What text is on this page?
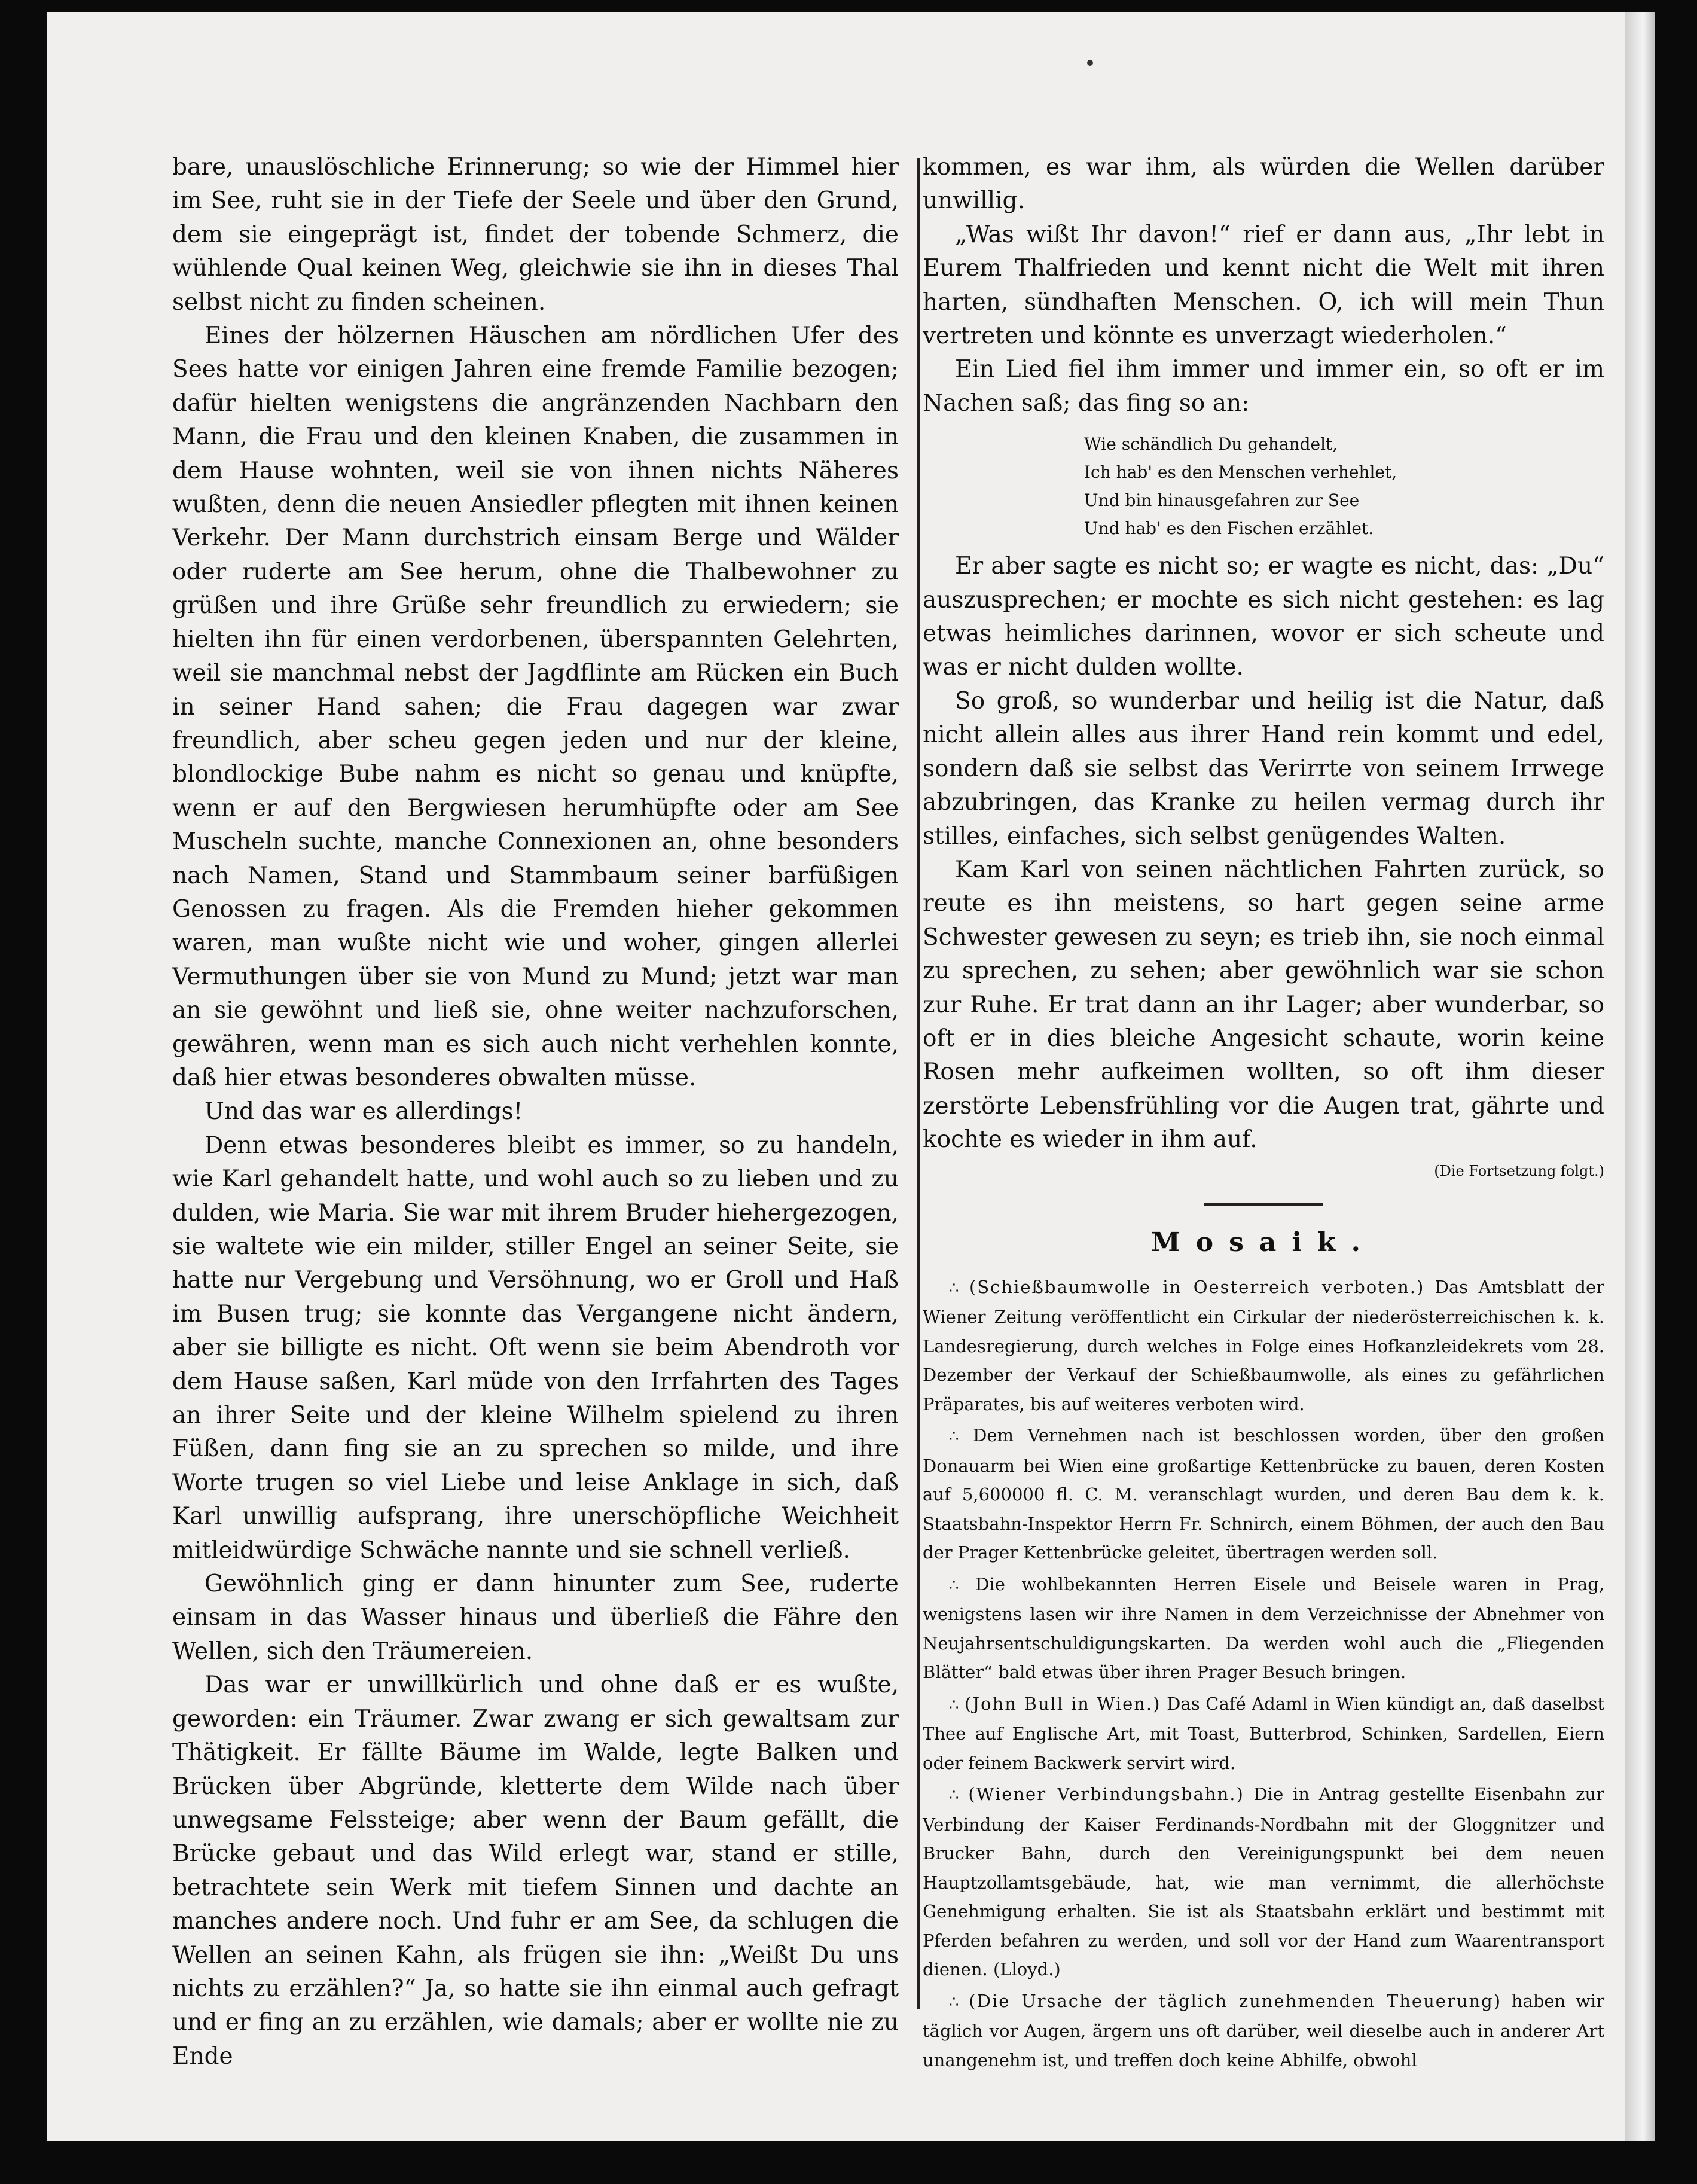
bare, unauslöschliche Erinnerung; so wie der Himmel hier im See, ruht sie in der Tiefe der Seele und über den Grund, dem sie eingeprägt ist, findet der tobende Schmerz, die wühlende Qual keinen Weg, gleichwie sie ihn in dieses Thal selbst nicht zu finden scheinen.

Eines der hölzernen Häuschen am nördlichen Ufer des Sees hatte vor einigen Jahren eine fremde Familie bezogen; dafür hielten wenigstens die angränzenden Nachbarn den Mann, die Frau und den kleinen Knaben, die zusammen in dem Hause wohnten, weil sie von ihnen nichts Näheres wußten, denn die neuen Ansiedler pflegten mit ihnen keinen Verkehr. Der Mann durchstrich einsam Berge und Wälder oder ruderte am See herum, ohne die Thalbewohner zu grüßen und ihre Grüße sehr freundlich zu erwiedern; sie hielten ihn für einen verdorbenen, überspannten Gelehrten, weil sie manchmal nebst der Jagdflinte am Rücken ein Buch in seiner Hand sahen; die Frau dagegen war zwar freundlich, aber scheu gegen jeden und nur der kleine, blondlockige Bube nahm es nicht so genau und knüpfte, wenn er auf den Bergwiesen herumhüpfte oder am See Muscheln suchte, manche Connexionen an, ohne besonders nach Namen, Stand und Stammbaum seiner barfüßigen Genossen zu fragen. Als die Fremden hieher gekommen waren, man wußte nicht wie und woher, gingen allerlei Vermuthungen über sie von Mund zu Mund; jetzt war man an sie gewöhnt und ließ sie, ohne weiter nachzuforschen, gewähren, wenn man es sich auch nicht verhehlen konnte, daß hier etwas besonderes obwalten müsse.

Und das war es allerdings!

Denn etwas besonderes bleibt es immer, so zu handeln, wie Karl gehandelt hatte, und wohl auch so zu lieben und zu dulden, wie Maria. Sie war mit ihrem Bruder hiehergezogen, sie waltete wie ein milder, stiller Engel an seiner Seite, sie hatte nur Vergebung und Versöhnung, wo er Groll und Haß im Busen trug; sie konnte das Vergangene nicht ändern, aber sie billigte es nicht. Oft wenn sie beim Abendroth vor dem Hause saßen, Karl müde von den Irrfahrten des Tages an ihrer Seite und der kleine Wilhelm spielend zu ihren Füßen, dann fing sie an zu sprechen so milde, und ihre Worte trugen so viel Liebe und leise Anklage in sich, daß Karl unwillig aufsprang, ihre unerschöpfliche Weichheit mitleidwürdige Schwäche nannte und sie schnell verließ.

Gewöhnlich ging er dann hinunter zum See, ruderte einsam in das Wasser hinaus und überließ die Fähre den Wellen, sich den Träumereien.

Das war er unwillkürlich und ohne daß er es wußte, geworden: ein Träumer. Zwar zwang er sich gewaltsam zur Thätigkeit. Er fällte Bäume im Walde, legte Balken und Brücken über Abgründe, kletterte dem Wilde nach über unwegsame Felssteige; aber wenn der Baum gefällt, die Brücke gebaut und das Wild erlegt war, stand er stille, betrachtete sein Werk mit tiefem Sinnen und dachte an manches andere noch. Und fuhr er am See, da schlugen die Wellen an seinen Kahn, als frügen sie ihn: „Weißt Du uns nichts zu erzählen?“ Ja, so hatte sie ihn einmal auch gefragt und er fing an zu erzählen, wie damals; aber er wollte nie zu Ende

kommen, es war ihm, als würden die Wellen darüber unwillig.

„Was wißt Ihr davon!“ rief er dann aus, „Ihr lebt in Eurem Thalfrieden und kennt nicht die Welt mit ihren harten, sündhaften Menschen. O, ich will mein Thun vertreten und könnte es unverzagt wiederholen.“

Ein Lied fiel ihm immer und immer ein, so oft er im Nachen saß; das fing so an:

Wie schändlich Du gehandelt,
Ich hab' es den Menschen verhehlet,
Und bin hinausgefahren zur See
Und hab' es den Fischen erzählet.

Er aber sagte es nicht so; er wagte es nicht, das: „Du“ auszusprechen; er mochte es sich nicht gestehen: es lag etwas heimliches darinnen, wovor er sich scheute und was er nicht dulden wollte.

So groß, so wunderbar und heilig ist die Natur, daß nicht allein alles aus ihrer Hand rein kommt und edel, sondern daß sie selbst das Verirrte von seinem Irrwege abzubringen, das Kranke zu heilen vermag durch ihr stilles, einfaches, sich selbst genügendes Walten.

Kam Karl von seinen nächtlichen Fahrten zurück, so reute es ihn meistens, so hart gegen seine arme Schwester gewesen zu seyn; es trieb ihn, sie noch einmal zu sprechen, zu sehen; aber gewöhnlich war sie schon zur Ruhe. Er trat dann an ihr Lager; aber wunderbar, so oft er in dies bleiche Angesicht schaute, worin keine Rosen mehr aufkeimen wollten, so oft ihm dieser zerstörte Lebensfrühling vor die Augen trat, gährte und kochte es wieder in ihm auf.

(Die Fortsetzung folgt.)

Mosaik.

∴ (Schießbaumwolle in Oesterreich verboten.) Das Amtsblatt der Wiener Zeitung veröffentlicht ein Cirkular der niederösterreichischen k. k. Landesregierung, durch welches in Folge eines Hofkanzleidekrets vom 28. Dezember der Verkauf der Schießbaumwolle, als eines zu gefährlichen Präparates, bis auf weiteres verboten wird.

∴ Dem Vernehmen nach ist beschlossen worden, über den großen Donauarm bei Wien eine großartige Kettenbrücke zu bauen, deren Kosten auf 5,600000 fl. C. M. veranschlagt wurden, und deren Bau dem k. k. Staatsbahn-Inspektor Herrn Fr. Schnirch, einem Böhmen, der auch den Bau der Prager Kettenbrücke geleitet, übertragen werden soll.

∴ Die wohlbekannten Herren Eisele und Beisele waren in Prag, wenigstens lasen wir ihre Namen in dem Verzeichnisse der Abnehmer von Neujahrsentschuldigungskarten. Da werden wohl auch die „Fliegenden Blätter“ bald etwas über ihren Prager Besuch bringen.

∴ (John Bull in Wien.) Das Café Adaml in Wien kündigt an, daß daselbst Thee auf Englische Art, mit Toast, Butterbrod, Schinken, Sardellen, Eiern oder feinem Backwerk servirt wird.

∴ (Wiener Verbindungsbahn.) Die in Antrag gestellte Eisenbahn zur Verbindung der Kaiser Ferdinands-Nordbahn mit der Gloggnitzer und Brucker Bahn, durch den Vereinigungspunkt bei dem neuen Hauptzollamtsgebäude, hat, wie man vernimmt, die allerhöchste Genehmigung erhalten. Sie ist als Staatsbahn erklärt und bestimmt mit Pferden befahren zu werden, und soll vor der Hand zum Waarentransport dienen. (Lloyd.)

∴ (Die Ursache der täglich zunehmenden Theuerung) haben wir täglich vor Augen, ärgern uns oft darüber, weil dieselbe auch in anderer Art unangenehm ist, und treffen doch keine Abhilfe, obwohl
